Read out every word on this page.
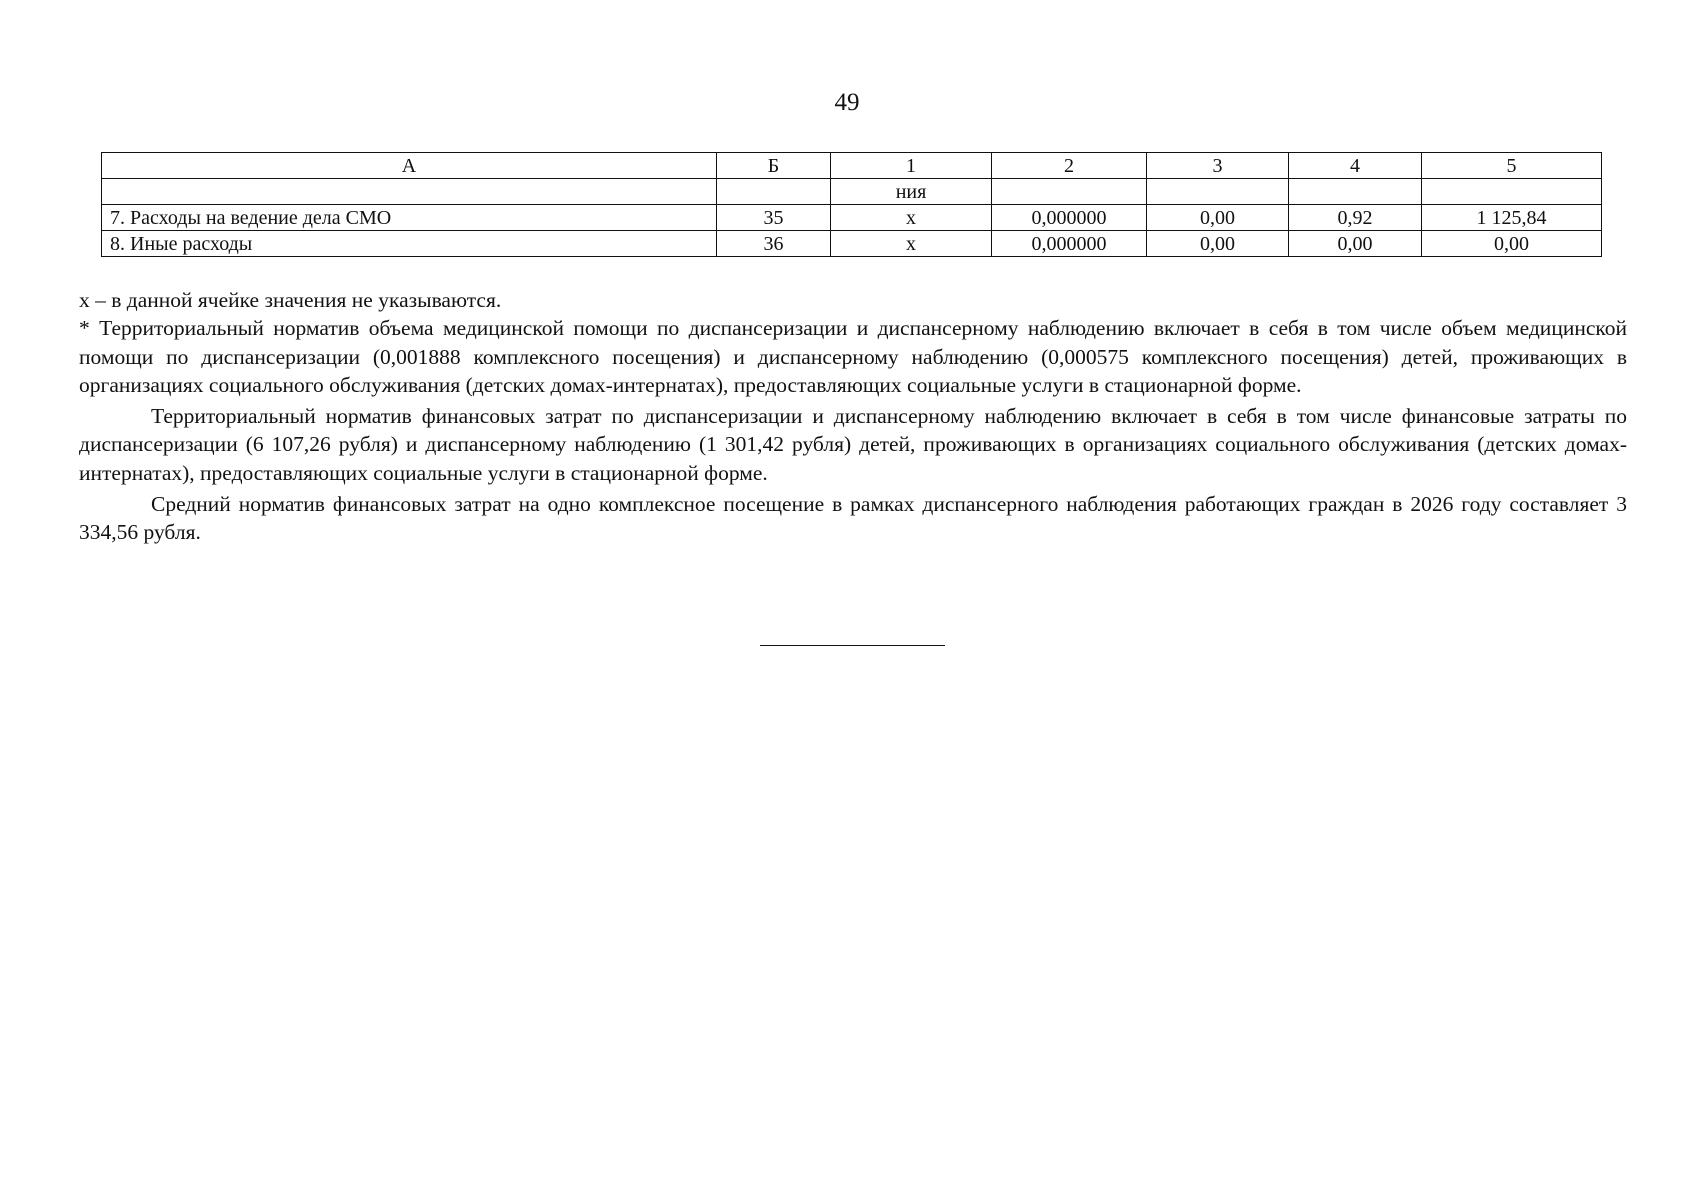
49
А	Б	1	2	3	4	5
		ния				
7. Расходы на ведение дела СМО	35	х	0,000000	0,00	0,92	1 125,84
8. Иные расходы	36	х	0,000000	0,00	0,00	0,00

х – в данной ячейке значения не указываются.

* Территориальный норматив объема медицинской помощи по диспансеризации и диспансерному наблюдению включает в себя в том числе объем медицинской помощи по диспансеризации (0,001888 комплексного посещения) и диспансерному наблюдению (0,000575 комплексного посещения) детей, проживающих в организациях социального обслуживания (детских домах-интернатах), предоставляющих социальные услуги в стационарной форме.

Территориальный норматив финансовых затрат по диспансеризации и диспансерному наблюдению включает в себя в том числе финансовые затраты по диспансеризации (6 107,26 рубля) и диспансерному наблюдению (1 301,42 рубля) детей, проживающих в организациях социального обслуживания (детских домах-интернатах), предоставляющих социальные услуги в стационарной форме.

Средний норматив финансовых затрат на одно комплексное посещение в рамках диспансерного наблюдения работающих граждан в 2026 году составляет 3 334,56 рубля.
